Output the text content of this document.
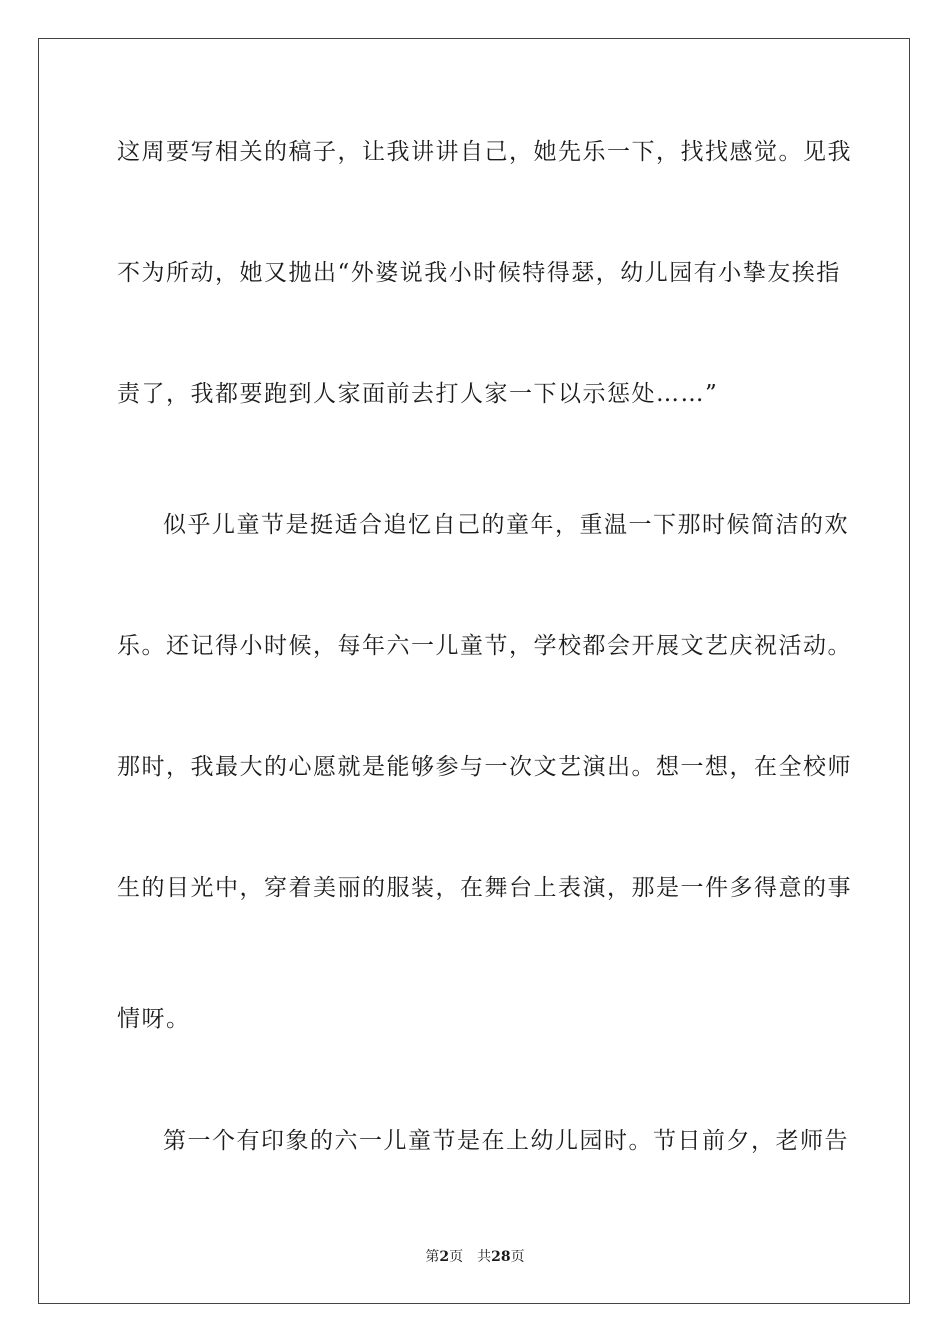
这周要写相关的稿子，让我讲讲自己，她先乐一下，找找感觉。见我
不为所动，她又抛出“外婆说我小时候特得瑟，幼儿园有小挚友挨指
责了，我都要跑到人家面前去打人家一下以示惩处……”
似乎儿童节是挺适合追忆自己的童年，重温一下那时候简洁的欢
乐。还记得小时候，每年六一儿童节，学校都会开展文艺庆祝活动。
那时，我最大的心愿就是能够参与一次文艺演出。想一想，在全校师
生的目光中，穿着美丽的服装，在舞台上表演，那是一件多得意的事
情呀。
第一个有印象的六一儿童节是在上幼儿园时。节日前夕，老师告
第2页 共28页
